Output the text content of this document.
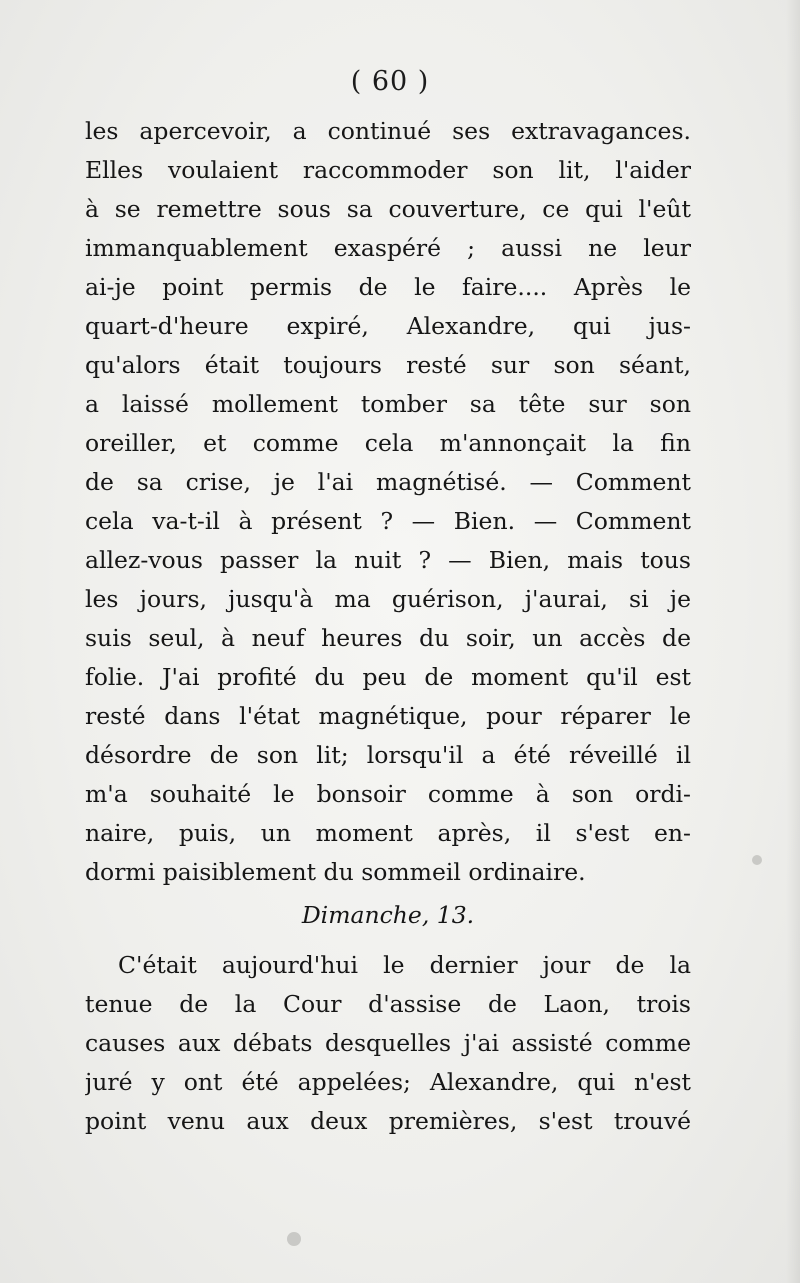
( 60 )
les apercevoir, a continué ses extravagances.
Elles voulaient raccommoder son lit, l'aider
à se remettre sous sa couverture, ce qui l'eût
immanquablement exaspéré ; aussi ne leur
ai-je point permis de le faire.... Après le
quart-d'heure expiré, Alexandre, qui jus-
qu'alors était toujours resté sur son séant,
a laissé mollement tomber sa tête sur son
oreiller, et comme cela m'annonçait la fin
de sa crise, je l'ai magnétisé. — Comment
cela va-t-il à présent ? — Bien. — Comment
allez-vous passer la nuit ? — Bien, mais tous
les jours, jusqu'à ma guérison, j'aurai, si je
suis seul, à neuf heures du soir, un accès de
folie. J'ai profité du peu de moment qu'il est
resté dans l'état magnétique, pour réparer le
désordre de son lit; lorsqu'il a été réveillé il
m'a souhaité le bonsoir comme à son ordi-
naire, puis, un moment après, il s'est en-
dormi paisiblement du sommeil ordinaire.
Dimanche, 13.
C'était aujourd'hui le dernier jour de la
tenue de la Cour d'assise de Laon, trois
causes aux débats desquelles j'ai assisté comme
juré y ont été appelées; Alexandre, qui n'est
point venu aux deux premières, s'est trouvé
